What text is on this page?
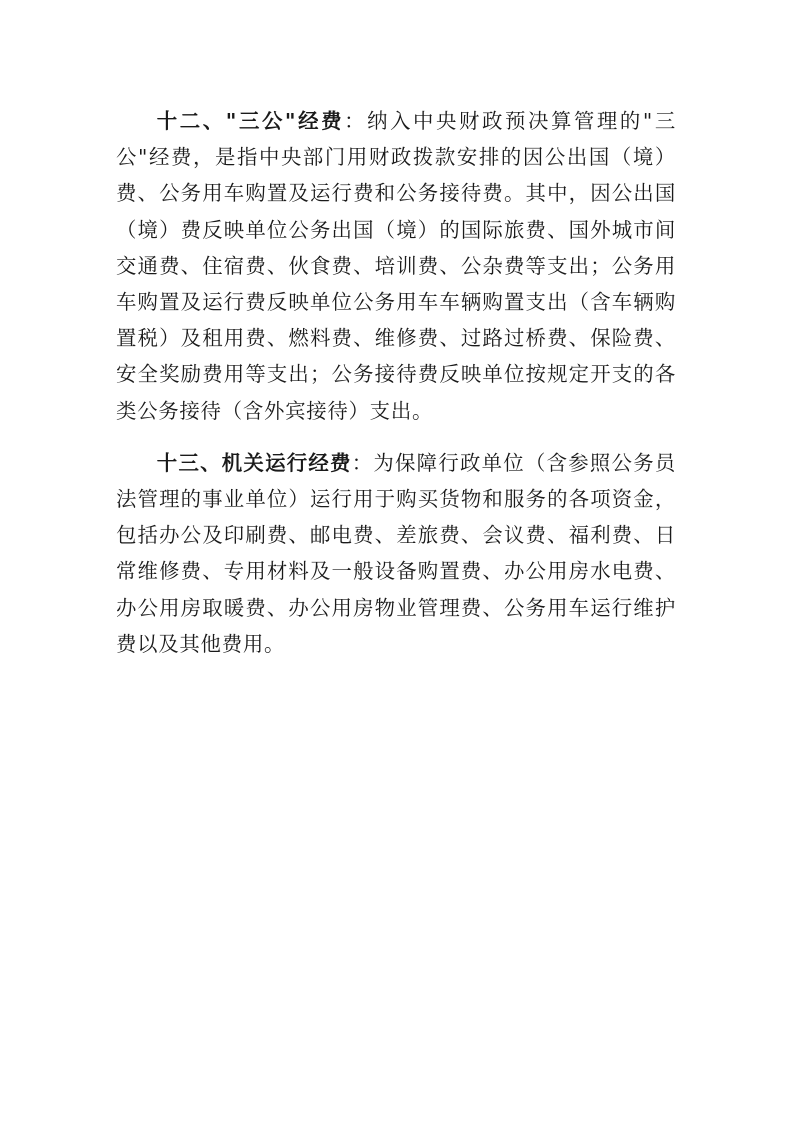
十二、"三公"经费：纳入中央财政预决算管理的"三公"经费，是指中央部门用财政拨款安排的因公出国（境）费、公务用车购置及运行费和公务接待费。其中，因公出国（境）费反映单位公务出国（境）的国际旅费、国外城市间交通费、住宿费、伙食费、培训费、公杂费等支出；公务用车购置及运行费反映单位公务用车车辆购置支出（含车辆购置税）及租用费、燃料费、维修费、过路过桥费、保险费、安全奖励费用等支出；公务接待费反映单位按规定开支的各类公务接待（含外宾接待）支出。

十三、机关运行经费：为保障行政单位（含参照公务员法管理的事业单位）运行用于购买货物和服务的各项资金，包括办公及印刷费、邮电费、差旅费、会议费、福利费、日常维修费、专用材料及一般设备购置费、办公用房水电费、办公用房取暖费、办公用房物业管理费、公务用车运行维护费以及其他费用。
